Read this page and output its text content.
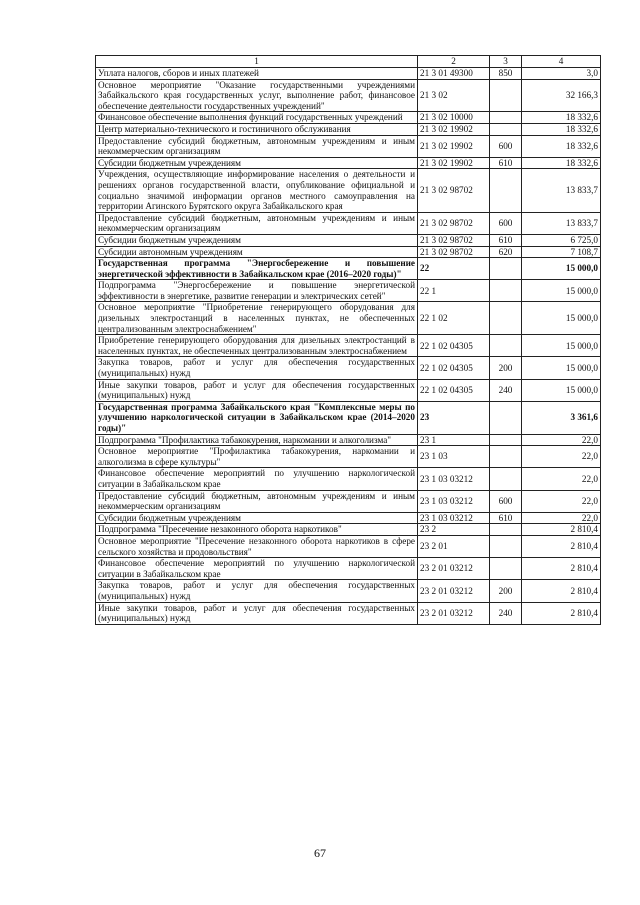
1	2	3	4
Уплата налогов, сборов и иных платежей	21 3 01 49300	850	3,0
Основное мероприятие "Оказание государственными учреждениями Забайкальского края государственных услуг, выполнение работ, финансовое обеспечение деятельности государственных учреждений"	21 3 02		32 166,3
Финансовое обеспечение выполнения функций государственных учреждений	21 3 02 10000		18 332,6
Центр материально-технического и гостиничного обслуживания	21 3 02 19902		18 332,6
Предоставление субсидий бюджетным, автономным учреждениям и иным некоммерческим организациям	21 3 02 19902	600	18 332,6
Субсидии бюджетным учреждениям	21 3 02 19902	610	18 332,6
Учреждения, осуществляющие информирование населения о деятельности и решениях органов государственной власти, опубликование официальной и социально значимой информации органов местного самоуправления на территории Агинского Бурятского округа Забайкальского края	21 3 02 98702		13 833,7
Предоставление субсидий бюджетным, автономным учреждениям и иным некоммерческим организациям	21 3 02 98702	600	13 833,7
Субсидии бюджетным учреждениям	21 3 02 98702	610	6 725,0
Субсидии автономным учреждениям	21 3 02 98702	620	7 108,7
Государственная программа "Энергосбережение и повышение энергетической эффективности в Забайкальском крае (2016–2020 годы)"	22		15 000,0
Подпрограмма "Энергосбережение и повышение энергетической эффективности в энергетике, развитие генерации и электрических сетей"	22 1		15 000,0
Основное мероприятие "Приобретение генерирующего оборудования для дизельных электростанций в населенных пунктах, не обеспеченных централизованным электроснабжением"	22 1 02		15 000,0
Приобретение генерирующего оборудования для дизельных электростанций в населенных пунктах, не обеспеченных централизованным электроснабжением	22 1 02 04305		15 000,0
Закупка товаров, работ и услуг для обеспечения государственных (муниципальных) нужд	22 1 02 04305	200	15 000,0
Иные закупки товаров, работ и услуг для обеспечения государственных (муниципальных) нужд	22 1 02 04305	240	15 000,0
Государственная программа Забайкальского края "Комплексные меры по улучшению наркологической ситуации в Забайкальском крае (2014–2020 годы)"	23		3 361,6
Подпрограмма "Профилактика табакокурения, наркомании и алкоголизма"	23 1		22,0
Основное мероприятие "Профилактика табакокурения, наркомании и алкоголизма в сфере культуры"	23 1 03		22,0
Финансовое обеспечение мероприятий по улучшению наркологической ситуации в Забайкальском крае	23 1 03 03212		22,0
Предоставление субсидий бюджетным, автономным учреждениям и иным некоммерческим организациям	23 1 03 03212	600	22,0
Субсидии бюджетным учреждениям	23 1 03 03212	610	22,0
Подпрограмма "Пресечение незаконного оборота наркотиков"	23 2		2 810,4
Основное мероприятие "Пресечение незаконного оборота наркотиков в сфере сельского хозяйства и продовольствия"	23 2 01		2 810,4
Финансовое обеспечение мероприятий по улучшению наркологической ситуации в Забайкальском крае	23 2 01 03212		2 810,4
Закупка товаров, работ и услуг для обеспечения государственных (муниципальных) нужд	23 2 01 03212	200	2 810,4
Иные закупки товаров, работ и услуг для обеспечения государственных (муниципальных) нужд	23 2 01 03212	240	2 810,4
67
